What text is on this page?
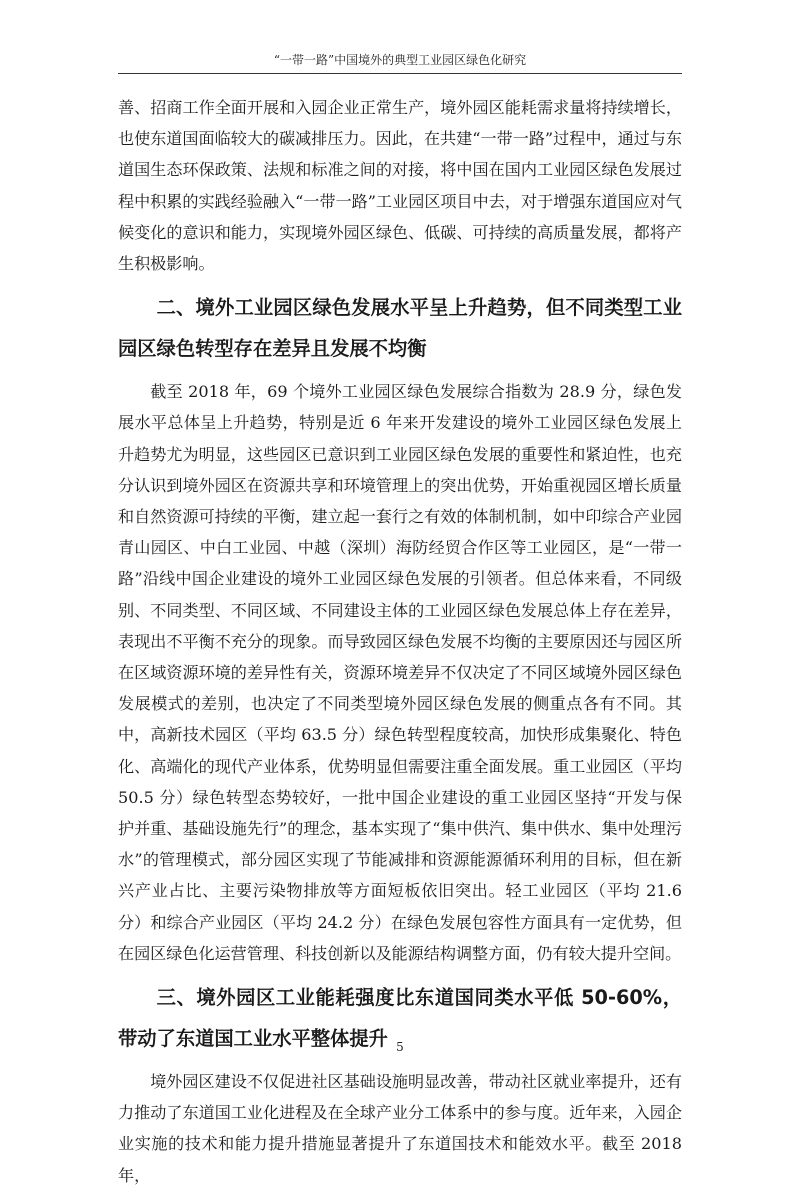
“一带一路”中国境外的典型工业园区绿色化研究

善、招商工作全面开展和入园企业正常生产，境外园区能耗需求量将持续增长，也使东道国面临较大的碳减排压力。因此，在共建“一带一路”过程中，通过与东道国生态环保政策、法规和标准之间的对接，将中国在国内工业园区绿色发展过程中积累的实践经验融入“一带一路”工业园区项目中去，对于增强东道国应对气候变化的意识和能力，实现境外园区绿色、低碳、可持续的高质量发展，都将产生积极影响。

二、境外工业园区绿色发展水平呈上升趋势，但不同类型工业园区绿色转型存在差异且发展不均衡

截至 2018 年，69 个境外工业园区绿色发展综合指数为 28.9 分，绿色发展水平总体呈上升趋势，特别是近 6 年来开发建设的境外工业园区绿色发展上升趋势尤为明显，这些园区已意识到工业园区绿色发展的重要性和紧迫性，也充分认识到境外园区在资源共享和环境管理上的突出优势，开始重视园区增长质量和自然资源可持续的平衡，建立起一套行之有效的体制机制，如中印综合产业园青山园区、中白工业园、中越（深圳）海防经贸合作区等工业园区，是“一带一路”沿线中国企业建设的境外工业园区绿色发展的引领者。但总体来看，不同级别、不同类型、不同区域、不同建设主体的工业园区绿色发展总体上存在差异，表现出不平衡不充分的现象。而导致园区绿色发展不均衡的主要原因还与园区所在区域资源环境的差异性有关，资源环境差异不仅决定了不同区域境外园区绿色发展模式的差别，也决定了不同类型境外园区绿色发展的侧重点各有不同。其中，高新技术园区（平均 63.5 分）绿色转型程度较高，加快形成集聚化、特色化、高端化的现代产业体系，优势明显但需要注重全面发展。重工业园区（平均 50.5 分）绿色转型态势较好，一批中国企业建设的重工业园区坚持“开发与保护并重、基础设施先行”的理念，基本实现了“集中供汽、集中供水、集中处理污水”的管理模式，部分园区实现了节能减排和资源能源循环利用的目标，但在新兴产业占比、主要污染物排放等方面短板依旧突出。轻工业园区（平均 21.6 分）和综合产业园区（平均 24.2 分）在绿色发展包容性方面具有一定优势，但在园区绿色化运营管理、科技创新以及能源结构调整方面，仍有较大提升空间。

三、境外园区工业能耗强度比东道国同类水平低 50-60%，带动了东道国工业水平整体提升

境外园区建设不仅促进社区基础设施明显改善，带动社区就业率提升，还有力推动了东道国工业化进程及在全球产业分工体系中的参与度。近年来，入园企业实施的技术和能力提升措施显著提升了东道国技术和能效水平。截至 2018 年，

5
